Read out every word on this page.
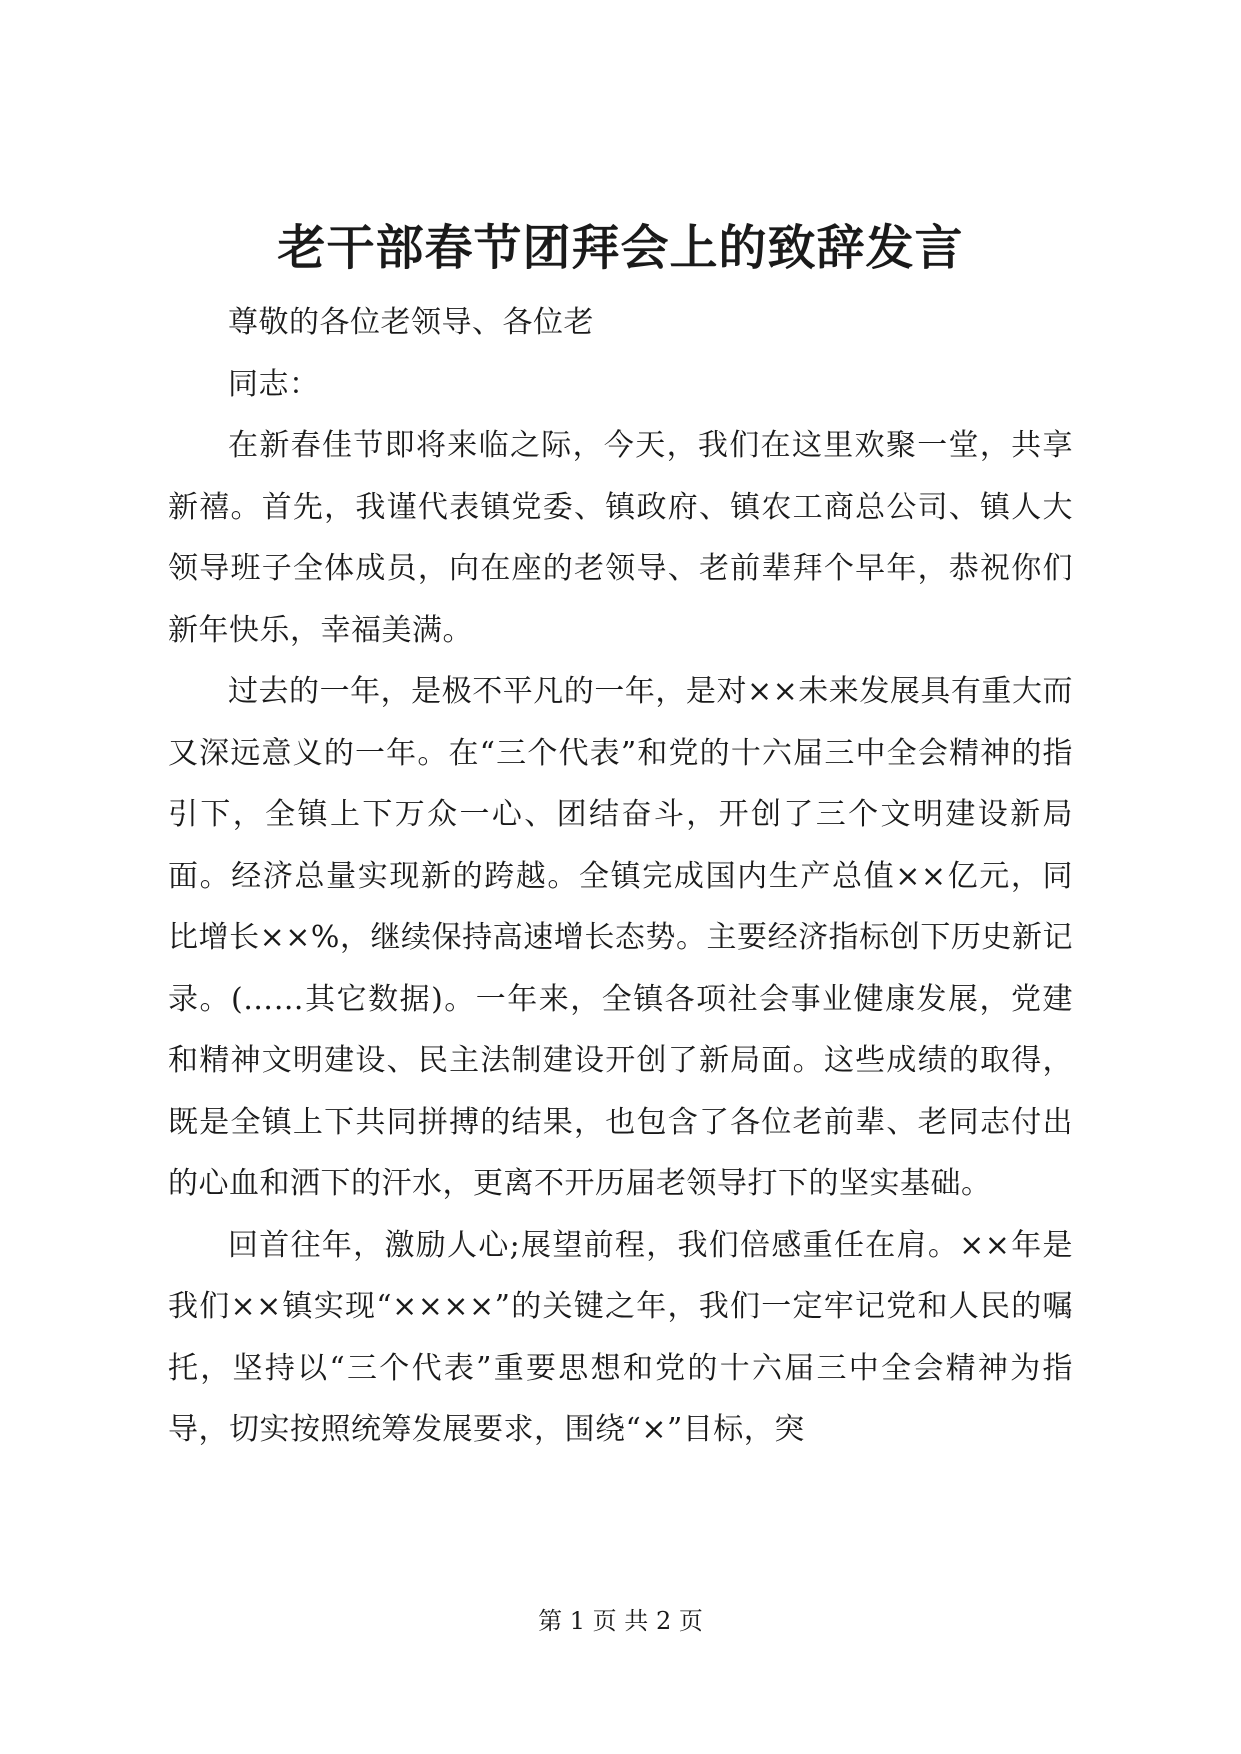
老干部春节团拜会上的致辞发言

尊敬的各位老领导、各位老

同志：

在新春佳节即将来临之际，今天，我们在这里欢聚一堂，共享新禧。首先，我谨代表镇党委、镇政府、镇农工商总公司、镇人大领导班子全体成员，向在座的老领导、老前辈拜个早年，恭祝你们新年快乐，幸福美满。

过去的一年，是极不平凡的一年，是对××未来发展具有重大而又深远意义的一年。在“三个代表”和党的十六届三中全会精神的指引下，全镇上下万众一心、团结奋斗，开创了三个文明建设新局面。经济总量实现新的跨越。全镇完成国内生产总值××亿元，同比增长××%，继续保持高速增长态势。主要经济指标创下历史新记录。(……其它数据)。一年来，全镇各项社会事业健康发展，党建和精神文明建设、民主法制建设开创了新局面。这些成绩的取得，既是全镇上下共同拼搏的结果，也包含了各位老前辈、老同志付出的心血和洒下的汗水，更离不开历届老领导打下的坚实基础。

回首往年，激励人心;展望前程，我们倍感重任在肩。××年是我们××镇实现“××××”的关键之年，我们一定牢记党和人民的嘱托，坚持以“三个代表”重要思想和党的十六届三中全会精神为指导，切实按照统筹发展要求，围绕“×”目标，突

第 1 页 共 2 页
